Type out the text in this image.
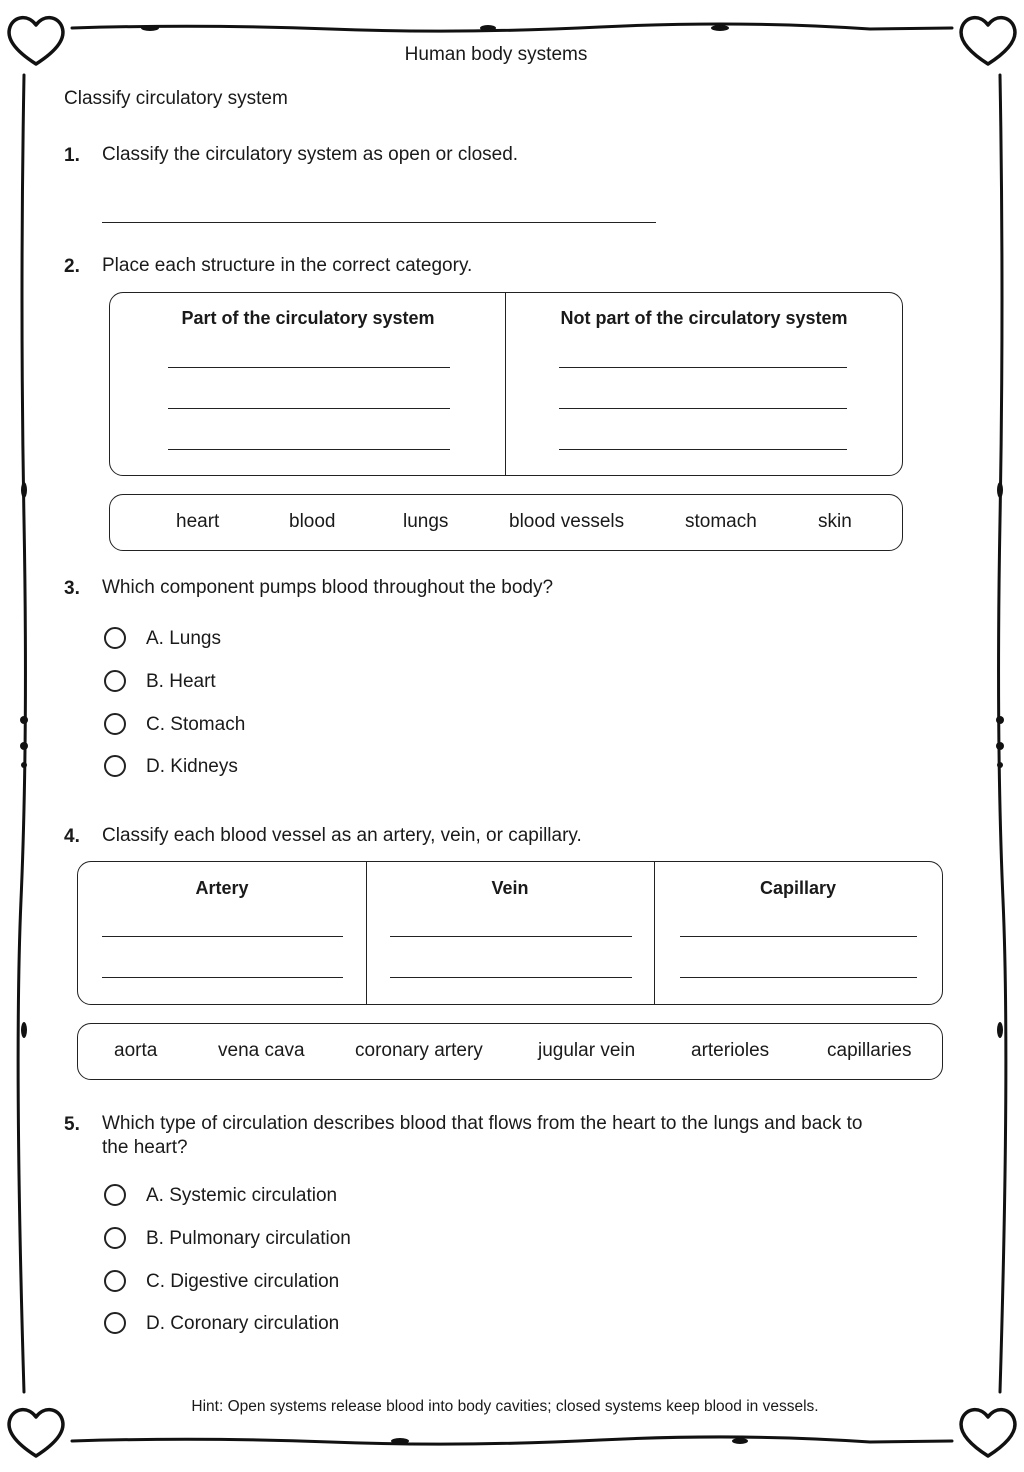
Human body systems
Classify circulatory system
1. Classify the circulatory system as open or closed.
2. Place each structure in the correct category.
Part of the circulatory system	Not part of the circulatory system
heart	blood	lungs	blood vessels	stomach	skin
3. Which component pumps blood throughout the body?
A. Lungs
B. Heart
C. Stomach
D. Kidneys
4. Classify each blood vessel as an artery, vein, or capillary.
Artery	Vein	Capillary
aorta	vena cava	coronary artery	jugular vein	arterioles	capillaries
5. Which type of circulation describes blood that flows from the heart to the lungs and back to the heart?
A. Systemic circulation
B. Pulmonary circulation
C. Digestive circulation
D. Coronary circulation
Hint: Open systems release blood into body cavities; closed systems keep blood in vessels.
